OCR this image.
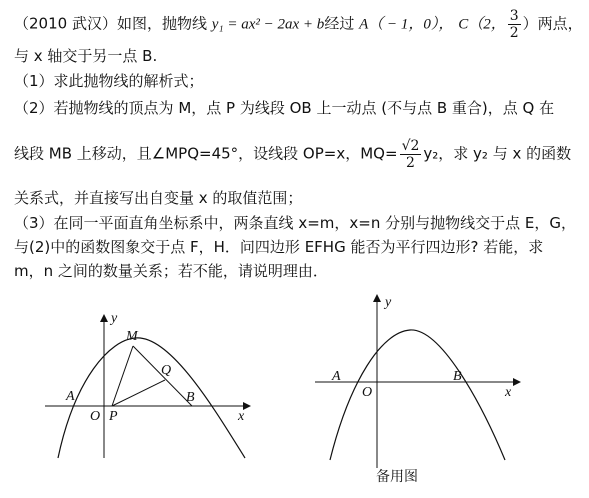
（2010 武汉）如图，抛物线 y₁ = ax² − 2ax + b经过 A（ − 1，0）， C（2， $\frac{3}{2}$ ）两点，
与 x 轴交于另一点 B.
（1）求此抛物线的解析式；
（2）若抛物线的顶点为 M，点 P 为线段 OB 上一动点 (不与点 B 重合)，点 Q 在
线段 MB 上移动，且∠MPQ=45°，设线段 OP=x，$MQ= \frac{√2}{2} y_2$，求 y₂ 与 x 的函数
关系式，并直接写出自变量 x 的取值范围；
（3）在同一平面直角坐标系中，两条直线 x=m，x=n 分别与抛物线交于点 E，G，
与(2)中的函数图象交于点 F，H．问四边形 EFHG 能否为平行四边形? 若能，求
m，n 之间的数量关系；若不能，请说明理由．
y
x
M
Q
A
O P
B
y
x
A
O
B
备用图
